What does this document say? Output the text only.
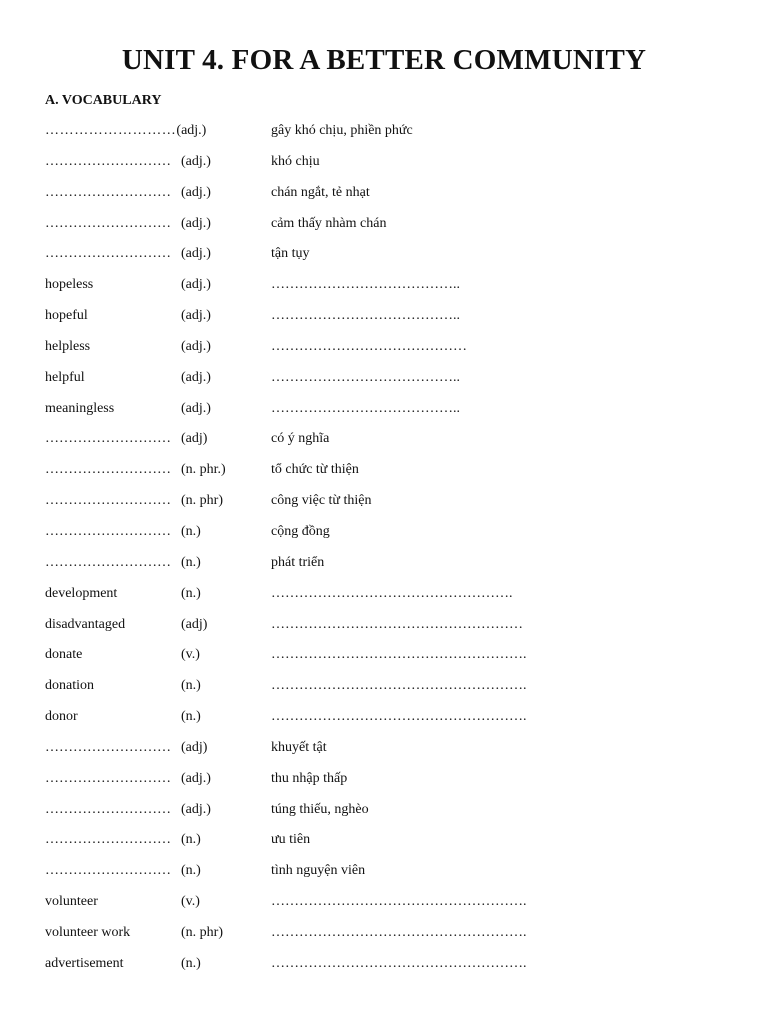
UNIT 4. FOR A BETTER COMMUNITY
A. VOCABULARY
………………………(adj.)	gây khó chịu, phiền phức
……………………… (adj.)	khó chịu
……………………… (adj.)	chán ngắt, tẻ nhạt
……………………… (adj.)	cảm thấy nhàm chán
……………………… (adj.)	tận tụy
hopeless	(adj.)	…………………………………..
hopeful	(adj.)	…………………………………..
helpless	(adj.)	……………………………………
helpful	(adj.)	…………………………………..
meaningless	(adj.)	…………………………………..
……………………… (adj)	có ý nghĩa
……………………… (n. phr.)	tổ chức từ thiện
……………………… (n. phr)	công việc từ thiện
……………………… (n.)	cộng đồng
……………………… (n.)	phát triển
development	(n.)	…………………………………………….
disadvantaged	(adj)	………………………………………………
donate	(v.)	……………………………………………….
donation	(n.)	……………………………………………….
donor	(n.)	……………………………………………….
……………………… (adj)	khuyết tật
……………………… (adj.)	thu nhập thấp
……………………… (adj.)	túng thiếu, nghèo
……………………… (n.)	ưu tiên
……………………… (n.)	tình nguyện viên
volunteer	(v.)	……………………………………………….
volunteer work	(n. phr)	……………………………………………….
advertisement	(n.)	……………………………………………….
